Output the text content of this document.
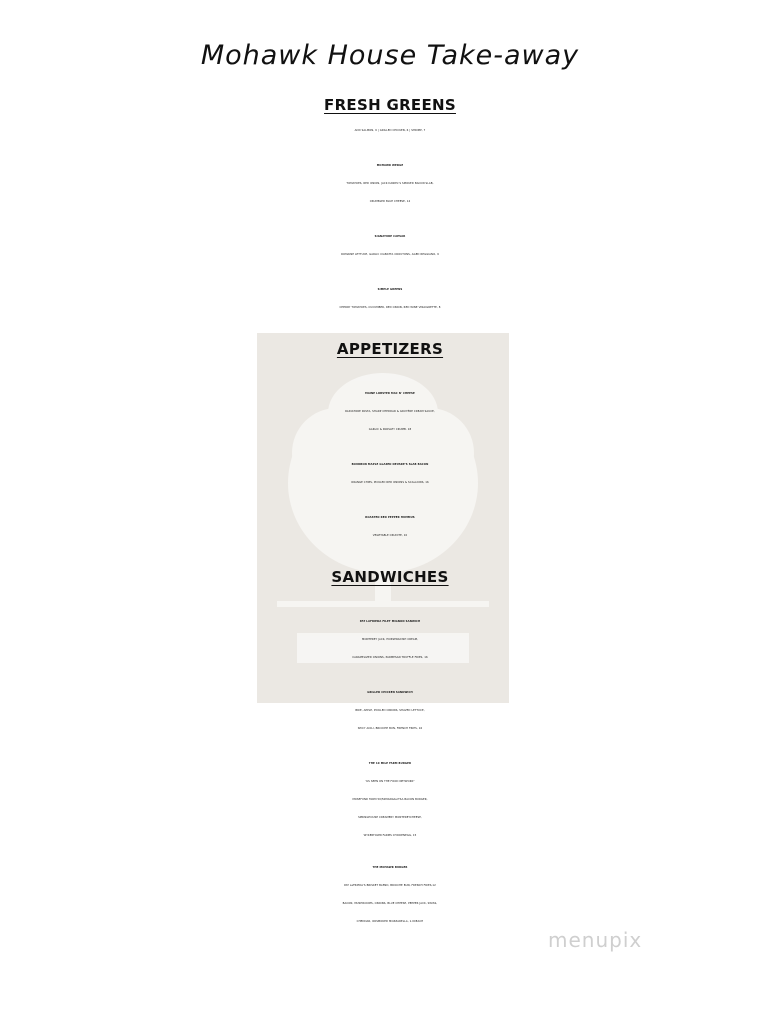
Mohawk House Take-away
FRESH GREENS
ADD SALMON, 9 | GRILLED CHICKEN, 6 | SHRIMP, 7
MOHAWK WEDGE
TOMATOES, RED ONION, JACK DANIEL'S SMOKED BACON SLAB,
CRUMBLED BLUE CHEESE, 14
SIGNATURE CAESAR
ROMAINE LETTUCE, GARLIC CIABATTA CROUTONS, AGED REGGIANO, 9
SIMPLE GREENS
CHERRY TOMATOES, CUCUMBER, RED ONION, RED WINE VINAIGRETTE, 8
APPETIZERS
MAINE LOBSTER MAC N' CHEESE
RADIATORE PASTA, SHARP CHEDDAR & GRUYÈRE CREAM SAUCE,
GARLIC & PARSLEY CRUMB. 18
BOURBON MAPLE GLAZED NEUSKE'S SLAB BACON
ORANGE CHIPS, PICKLED RED ONIONS & SCALLIONS, 16
ROASTED RED PEPPER HUMMUS
VEGETABLE CRUDITE, 10
SANDWICHES
PAT LAFRIEDA FILET MIGNON SANWICH
MONTEREY JACK, HORSERADISH CREAM,
CARAMELIZED ONIONS, PARMESAN TRUFFLE FRIES, 16
GRILLED CHICKEN SANDWICH
BRIE, APPLE, PICKLED ONIONS, SHAVED LETTUCE,
SPICY AIOLI, BRIOCHE BUN, FRENCH FRIES, 16
THE 10 MILE FARM BURGER
“AS SEEN ON THE FOOD NETWORK”
MOSEFUND FARM 50/50MANGALITSA BACON BURGER,
SPRINGHOUSE CREAMERY MONTEREYCHEESE,
WYKERTOWN FARMS CHICKENEGG, 15
THE MOHAWK BURGER
PAT LaFRIEDA'S BRISKET BLEND, BRIOCHE BUN, FRENCH FRIES,12
BACON, MUSHROOMS, ONIONS, BLUE CHEESE, PEPPER JACK, SWISS,
CHEDDAR, ORSMOKED MOZZARELLA, 1.00EACH
menupix
